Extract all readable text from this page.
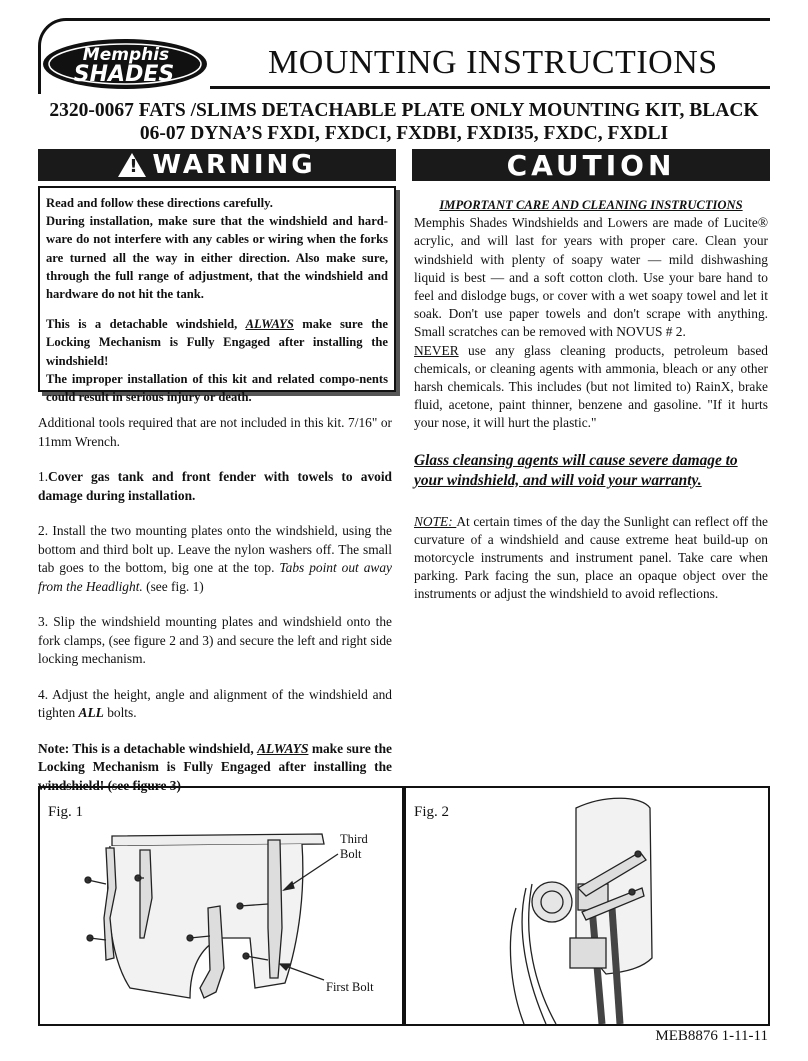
Memphis
SHADES	MOUNTING INSTRUCTIONS
2320-0067 FATS /SLIMS DETACHABLE PLATE ONLY MOUNTING KIT, BLACK
06-07 DYNA’S FXDI, FXDCI, FXDBI, FXDI35, FXDC, FXDLI
!
WARNING	CAUTION

Read and follow these directions carefully.

During installation, make sure that the windshield and hard-ware do not interfere with any cables or wiring when the forks are turned all the way in either direction. Also make sure, through the full range of adjustment, that the windshield and hardware do not hit the tank.

This is a detachable windshield, ALWAYS make sure the Locking Mechanism is Fully Engaged after installing the windshield!

The improper installation of this kit and related compo-nents could result in serious injury or death.

Additional tools required that are not included in this kit. 7/16" or 11mm Wrench.

1.Cover gas tank and front fender with towels to avoid damage during installation.

2. Install the two mounting plates onto the windshield, using the bottom and third bolt up. Leave the nylon washers off. The small tab goes to the bottom, big one at the top. Tabs point out away from the Headlight. (see fig. 1)

3. Slip the windshield mounting plates and windshield onto the fork clamps, (see figure 2 and 3) and secure the left and right side locking mechanism.

4. Adjust the height, angle and alignment of the windshield and tighten ALL bolts.

Note: This is a detachable windshield, ALWAYS make sure the Locking Mechanism is Fully Engaged after installing the windshield! (see figure 3)

IMPORTANT CARE AND CLEANING INSTRUCTIONS

Memphis Shades Windshields and Lowers are made of Lucite® acrylic, and will last for years with proper care. Clean your windshield with plenty of soapy water — mild dishwashing liquid is best — and a soft cotton cloth. Use your bare hand to feel and dislodge bugs, or cover with a wet soapy towel and let it soak. Don't use paper towels and don't scrape with anything. Small scratches can be removed with NOVUS # 2.

NEVER use any glass cleaning products, petroleum based chemicals, or cleaning agents with ammonia, bleach or any other harsh chemicals. This includes (but not limited to) RainX, brake fluid, acetone, paint thinner, benzene and gasoline. "If it hurts your nose, it will hurt the plastic."

Glass cleansing agents will cause severe damage to your windshield, and will void your warranty.

NOTE: At certain times of the day the Sunlight can reflect off the curvature of a windshield and cause extreme heat build-up on motorcycle instruments and instrument panel. Take care when parking. Park facing the sun, place an opaque object over the instruments or adjust the windshield to avoid reflections.

Fig. 1
Third Bolt
First Bolt
Fig. 2
MEB8876 1-11-11
